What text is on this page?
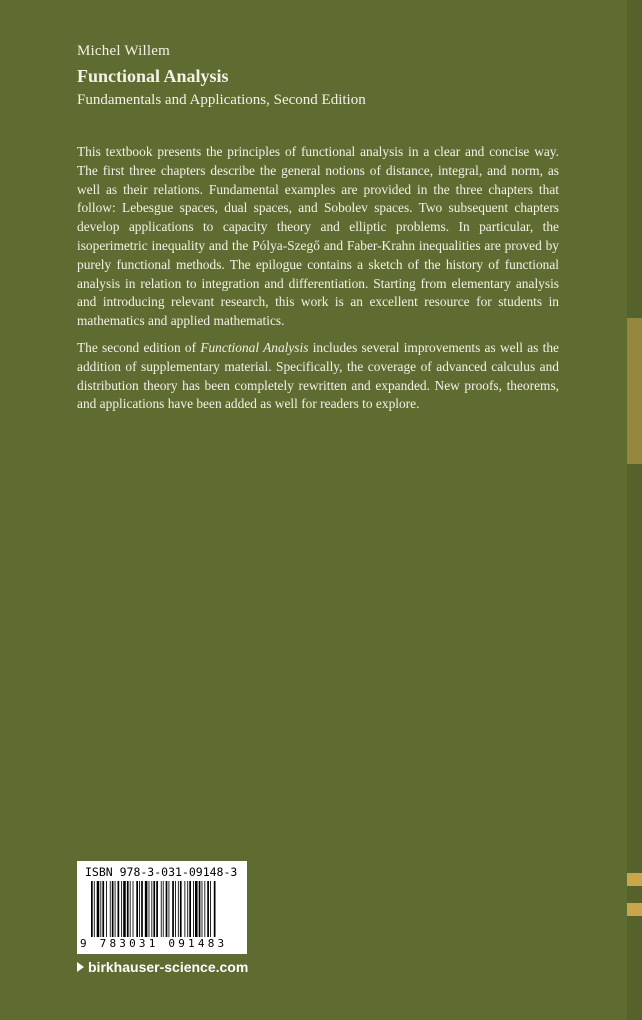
Michel Willem
Functional Analysis
Fundamentals and Applications, Second Edition

This textbook presents the principles of functional analysis in a clear and concise way. The first three chapters describe the general notions of distance, integral, and norm, as well as their relations. Fundamental examples are provided in the three chapters that follow: Lebesgue spaces, dual spaces, and Sobolev spaces. Two subsequent chapters develop applications to capacity theory and elliptic problems. In particular, the isoperimetric inequality and the Pólya-Szegő and Faber-Krahn inequalities are proved by purely functional methods. The epilogue contains a sketch of the history of functional analysis in relation to integration and differentiation. Starting from elementary analysis and introducing relevant research, this work is an excellent resource for students in mathematics and applied mathematics.

The second edition of Functional Analysis includes several improvements as well as the addition of supplementary material. Specifically, the coverage of advanced calculus and distribution theory has been completely rewritten and expanded. New proofs, theorems, and applications have been added as well for readers to explore.

ISBN 978-3-031-09148-3
9 783031 091483
birkhauser-science.com
